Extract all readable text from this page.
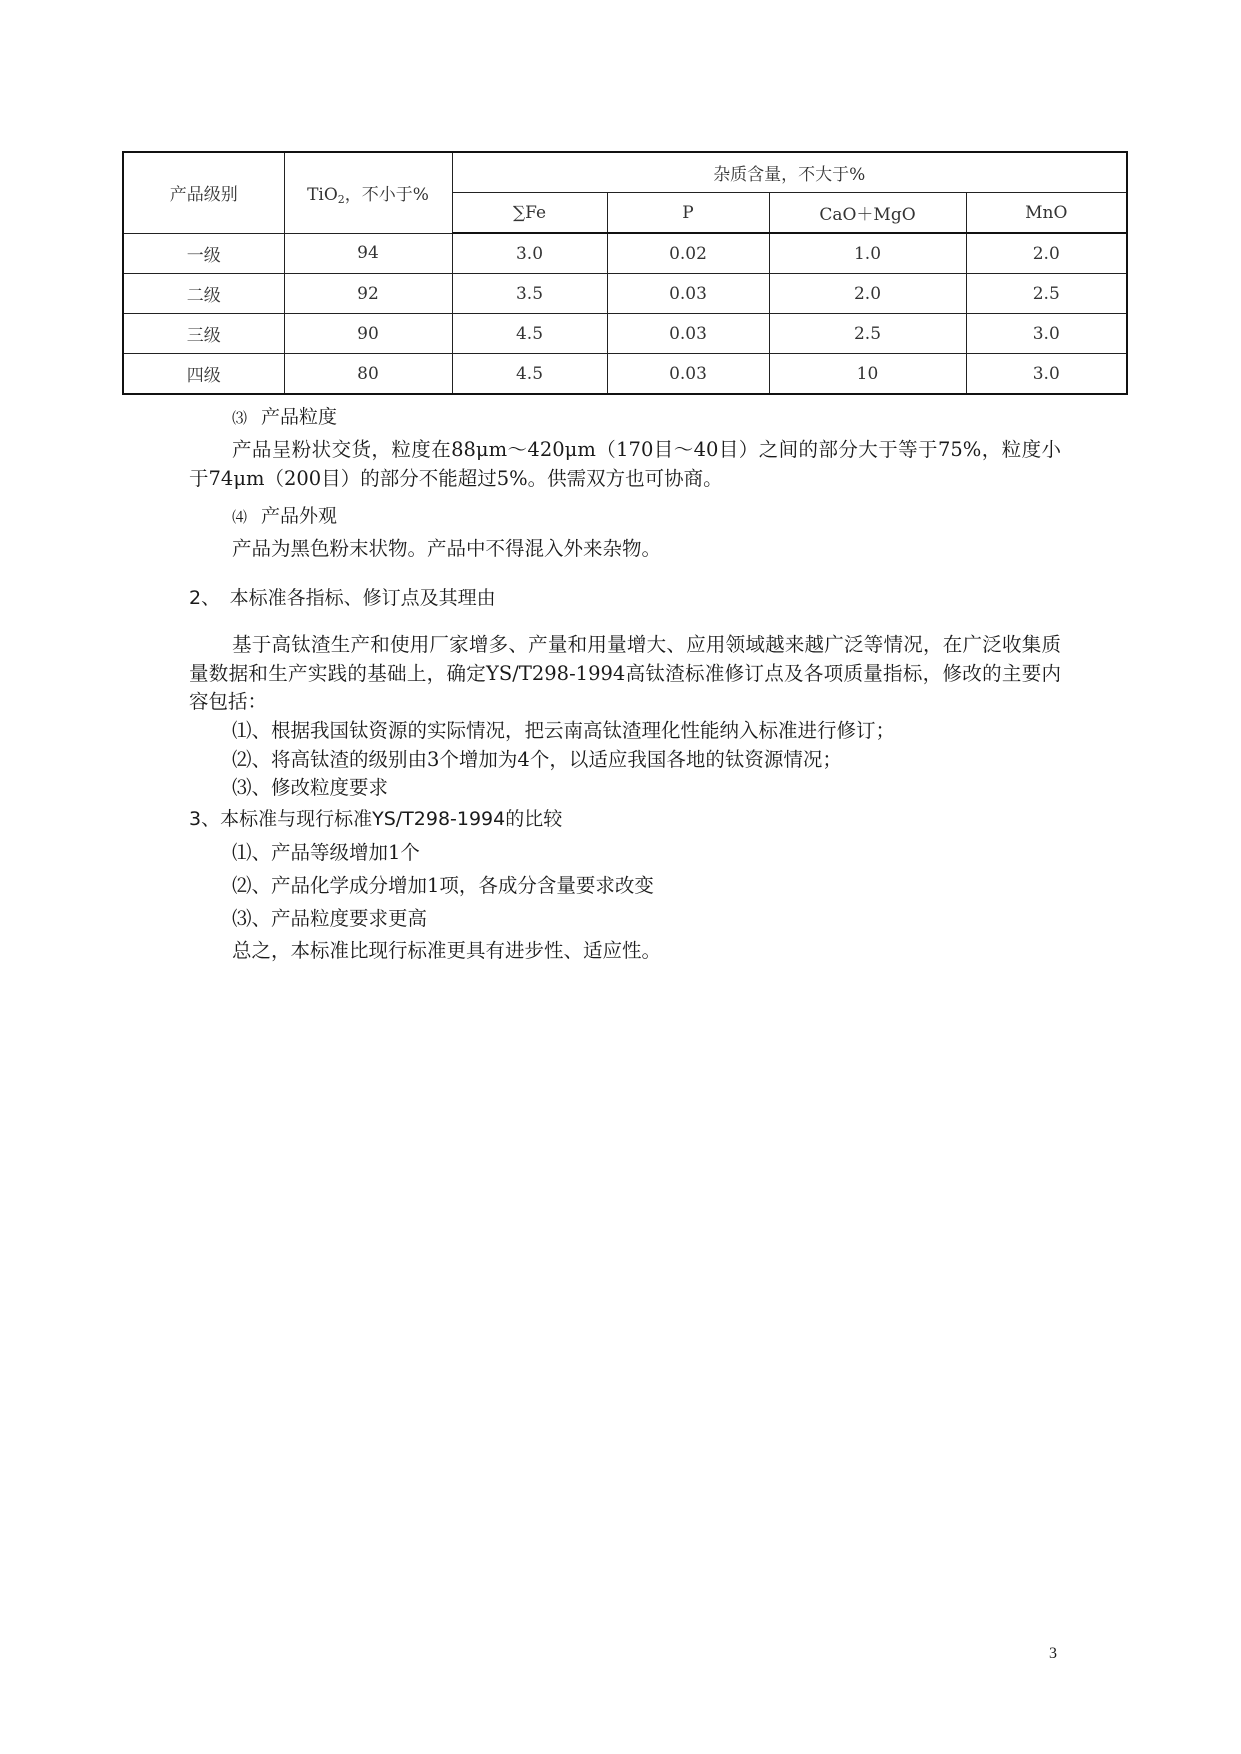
产品级别	TiO$_2$，不小于%	杂质含量，不大于%			
		∑Fe	P	CaO＋MgO	MnO
一级	94	3.0	0.02	1.0	2.0
二级	92	3.5	0.03	2.0	2.5
三级	90	4.5	0.03	2.5	3.0
四级	80	4.5	0.03	10	3.0
⑶ 产品粒度
产品呈粉状交货，粒度在88μm～420μm（170目～40目）之间的部分大于等于75%，粒度小于74μm（200目）的部分不能超过5%。供需双方也可协商。
⑷ 产品外观
产品为黑色粉末状物。产品中不得混入外来杂物。
2、　本标准各指标、修订点及其理由
基于高钛渣生产和使用厂家增多、产量和用量增大、应用领域越来越广泛等情况，在广泛收集质量数据和生产实践的基础上，确定YS/T298-1994高钛渣标准修订点及各项质量指标，修改的主要内容包括：
⑴、根据我国钛资源的实际情况，把云南高钛渣理化性能纳入标准进行修订；
⑵、将高钛渣的级别由3个增加为4个，以适应我国各地的钛资源情况；
⑶、修改粒度要求
3、本标准与现行标准YS/T298-1994的比较
⑴、产品等级增加1个
⑵、产品化学成分增加1项，各成分含量要求改变
⑶、产品粒度要求更高
总之，本标准比现行标准更具有进步性、适应性。
3
